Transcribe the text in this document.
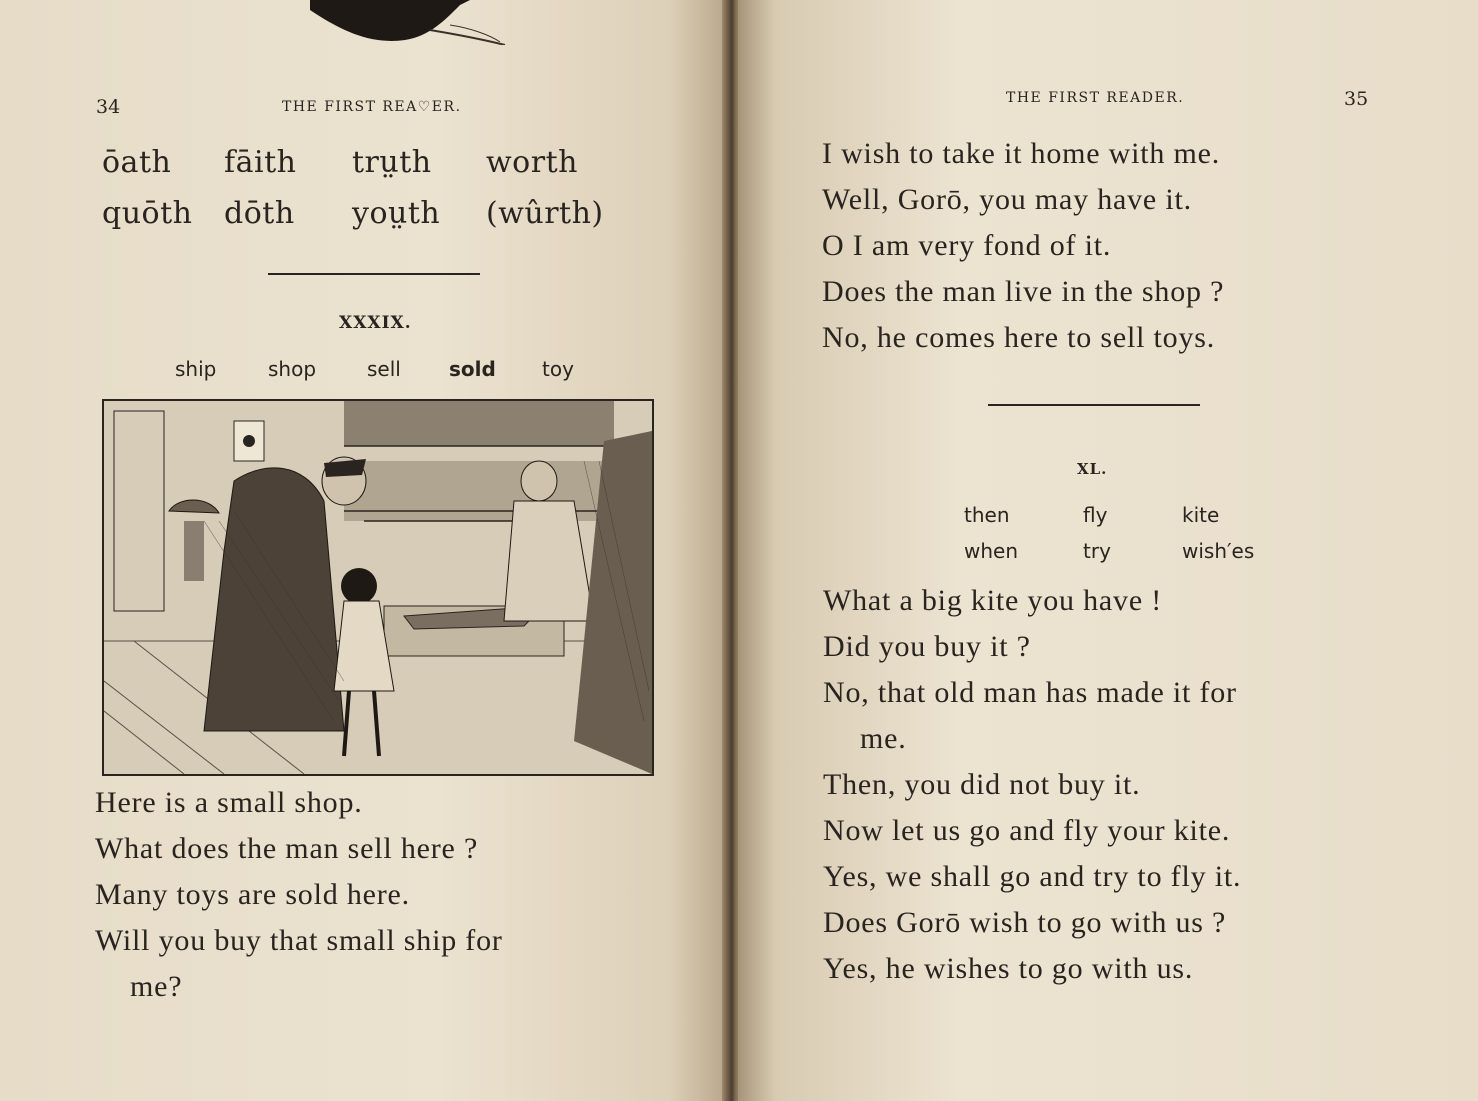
34	THE FIRST REA♡ER.
ōath fāith trṳth worth
quōth dōth yoṳth (wûrth)
XXXIX.
ship	shop	sell sold toy
Here is a small shop.
What does the man sell here ?
Many toys are sold here.
Will you buy that small ship for
me?
THE FIRST READER.	35
I wish to take it home with me.
Well, Gorō, you may have it.
O I am very fond of it.
Does the man live in the shop ?
No, he comes here to sell toys.
XL.
then	fly	kite
when	try	wish′es
What a big kite you have !
Did you buy it ?
No, that old man has made it for
me.
Then, you did not buy it.
Now let us go and fly your kite.
Yes, we shall go and try to fly it.
Does Gorō wish to go with us ?
Yes, he wishes to go with us.
